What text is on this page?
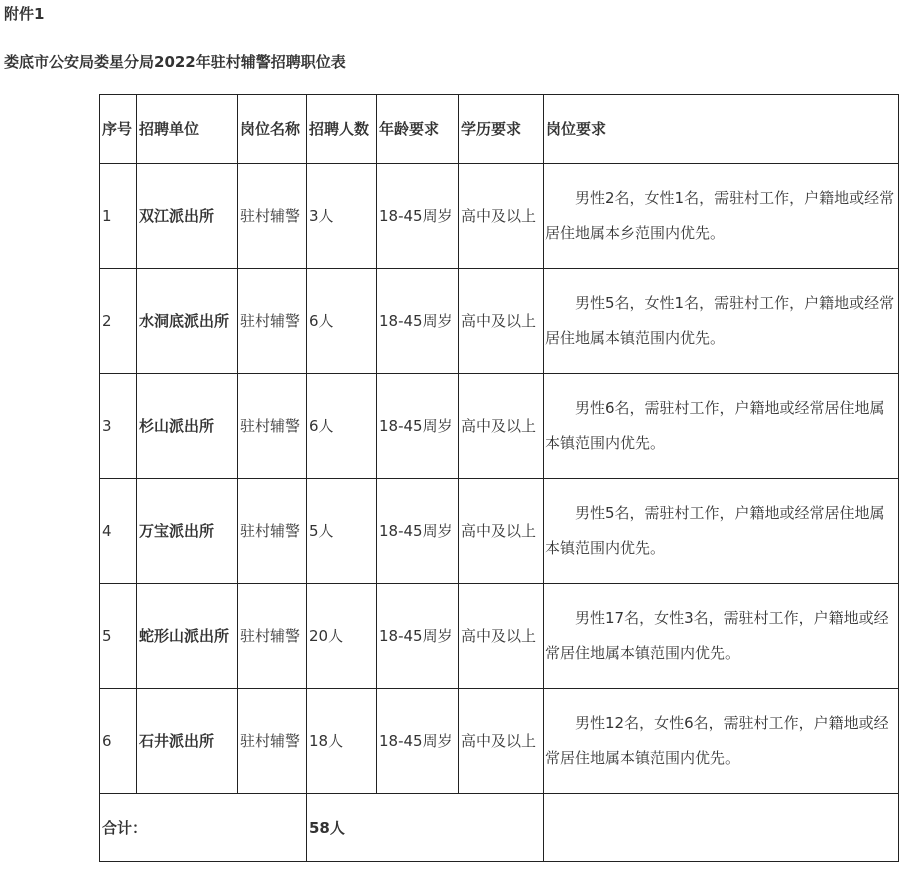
附件1
娄底市公安局娄星分局2022年驻村辅警招聘职位表
序号	招聘单位	岗位名称	招聘人数	年龄要求	学历要求	岗位要求
1	双江派出所	驻村辅警	3人	18-45周岁	高中及以上	男性2名，女性1名，需驻村工作，户籍地或经常居住地属本乡范围内优先。
2	水洞底派出所	驻村辅警	6人	18-45周岁	高中及以上	男性5名，女性1名，需驻村工作，户籍地或经常居住地属本镇范围内优先。
3	杉山派出所	驻村辅警	6人	18-45周岁	高中及以上	男性6名，需驻村工作，户籍地或经常居住地属本镇范围内优先。
4	万宝派出所	驻村辅警	5人	18-45周岁	高中及以上	男性5名，需驻村工作，户籍地或经常居住地属本镇范围内优先。
5	蛇形山派出所	驻村辅警	20人	18-45周岁	高中及以上	男性17名，女性3名，需驻村工作，户籍地或经常居住地属本镇范围内优先。
6	石井派出所	驻村辅警	18人	18-45周岁	高中及以上	男性12名，女性6名，需驻村工作，户籍地或经常居住地属本镇范围内优先。
合计：			58人			
